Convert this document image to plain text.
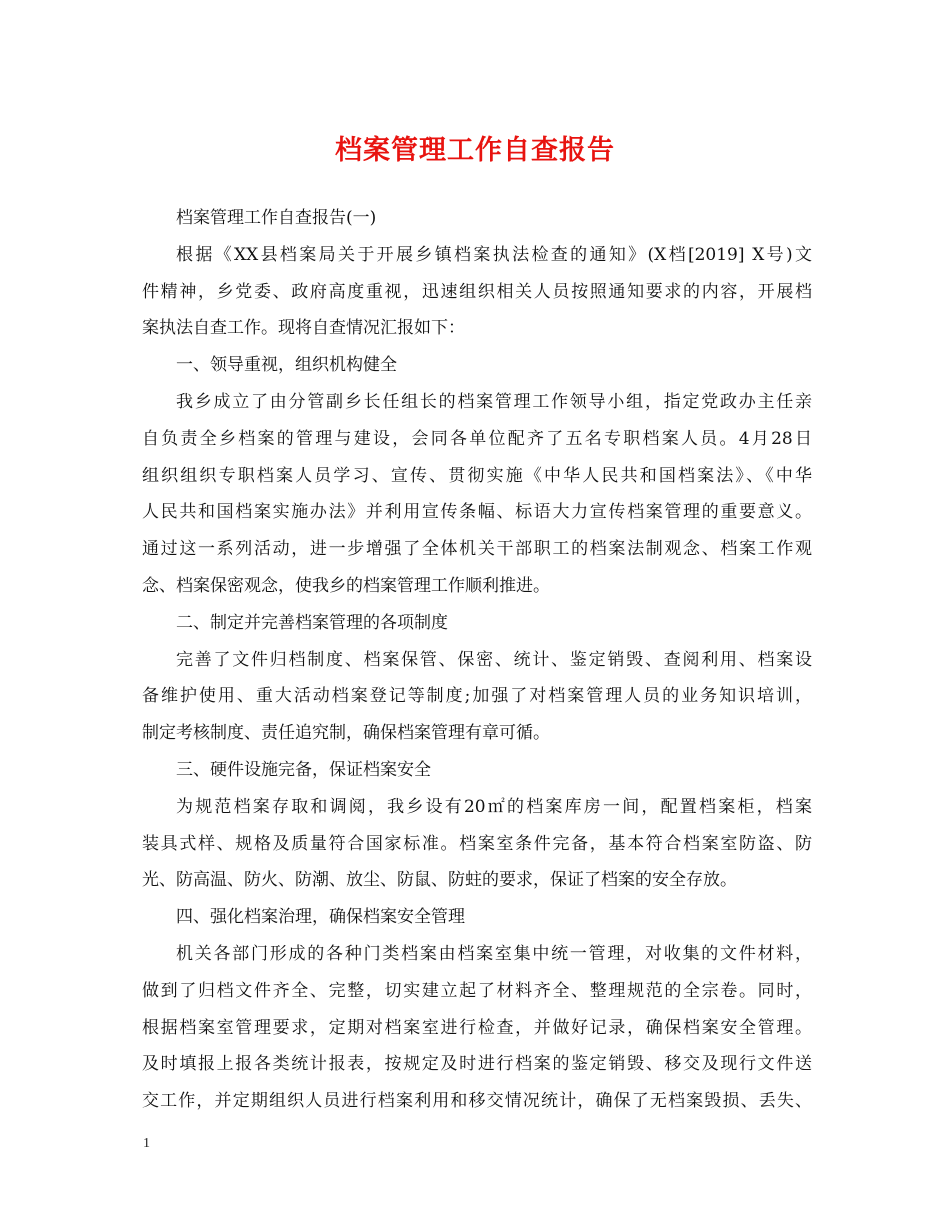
档案管理工作自查报告
档案管理工作自查报告(一)
根据《XX县档案局关于开展乡镇档案执法检查的通知》(X档[2019] X号)文
件精神，乡党委、政府高度重视，迅速组织相关人员按照通知要求的内容，开展档
案执法自查工作。现将自查情况汇报如下：
一、领导重视，组织机构健全
我乡成立了由分管副乡长任组长的档案管理工作领导小组，指定党政办主任亲
自负责全乡档案的管理与建设，会同各单位配齐了五名专职档案人员。4月28日
组织组织专职档案人员学习、宣传、贯彻实施《中华人民共和国档案法》、《中华
人民共和国档案实施办法》并利用宣传条幅、标语大力宣传档案管理的重要意义。
通过这一系列活动，进一步增强了全体机关干部职工的档案法制观念、档案工作观
念、档案保密观念，使我乡的档案管理工作顺利推进。
二、制定并完善档案管理的各项制度
完善了文件归档制度、档案保管、保密、统计、鉴定销毁、查阅利用、档案设
备维护使用、重大活动档案登记等制度;加强了对档案管理人员的业务知识培训，
制定考核制度、责任追究制，确保档案管理有章可循。
三、硬件设施完备，保证档案安全
为规范档案存取和调阅，我乡设有20㎡的档案库房一间，配置档案柜，档案
装具式样、规格及质量符合国家标准。档案室条件完备，基本符合档案室防盗、防
光、防高温、防火、防潮、放尘、防鼠、防蛀的要求，保证了档案的安全存放。
四、强化档案治理，确保档案安全管理
机关各部门形成的各种门类档案由档案室集中统一管理，对收集的文件材料，
做到了归档文件齐全、完整，切实建立起了材料齐全、整理规范的全宗卷。同时，
根据档案室管理要求，定期对档案室进行检查，并做好记录，确保档案安全管理。
及时填报上报各类统计报表，按规定及时进行档案的鉴定销毁、移交及现行文件送
交工作，并定期组织人员进行档案利用和移交情况统计，确保了无档案毁损、丢失、
1
